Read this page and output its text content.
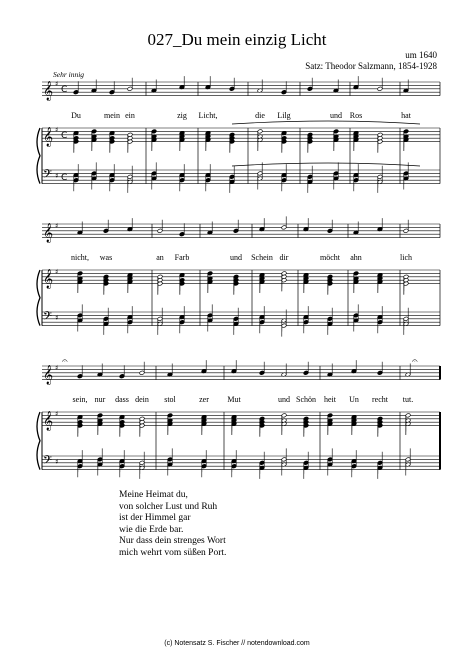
027_Du mein einzig Licht
um 1640
Satz: Theodor Salzmann, 1854-1928
Sehr innig
𝄞
𝄞
𝄢
♯
♯
♯
C
C
C
𝄞
𝄞
𝄢
♯
♯
♯
𝄞
𝄞
𝄢
♯
♯
♯
𝄐	𝄐
Du	mein ein	zig Licht,	die Lilg	und Ros	hat
nicht, was	an Farb	und Schein dir	möcht ahn	lich
sein, nur dass dein stol	zer Mut	und Schön heit Un recht tut.
Meine Heimat du,
von solcher Lust und Ruh
ist der Himmel gar
wie die Erde bar.
Nur dass dein strenges Wort
mich wehrt vom süßen Port.
(c) Notensatz S. Fischer // notendownload.com
